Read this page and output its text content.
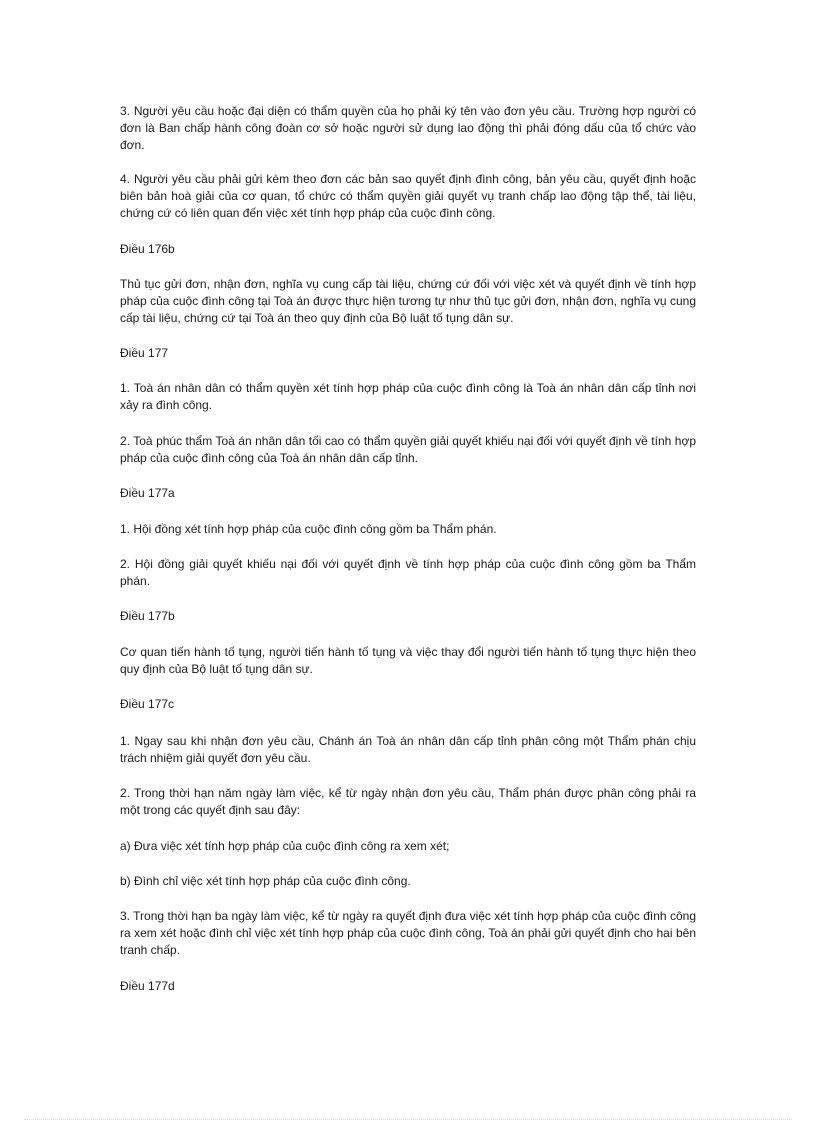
3. Người yêu cầu hoặc đại diện có thẩm quyền của họ phải ký tên vào đơn yêu cầu. Trường hợp người có đơn là Ban chấp hành công đoàn cơ sở hoặc người sử dụng lao động thì phải đóng dấu của tổ chức vào đơn.

4. Người yêu cầu phải gửi kèm theo đơn các bản sao quyết định đình công, bản yêu cầu, quyết định hoặc biên bản hoà giải của cơ quan, tổ chức có thẩm quyền giải quyết vụ tranh chấp lao động tập thể, tài liệu, chứng cứ có liên quan đến việc xét tính hợp pháp của cuộc đình công.

Điều 176b

Thủ tục gửi đơn, nhận đơn, nghĩa vụ cung cấp tài liệu, chứng cứ đối với việc xét và quyết định về tính hợp pháp của cuộc đình công tại Toà án được thực hiện tương tự như thủ tục gửi đơn, nhận đơn, nghĩa vụ cung cấp tài liệu, chứng cứ tại Toà án theo quy định của Bộ luật tố tụng dân sự.

Điều 177

1. Toà án nhân dân có thẩm quyền xét tính hợp pháp của cuộc đình công là Toà án nhân dân cấp tỉnh nơi xảy ra đình công.

2. Toà phúc thẩm Toà án nhân dân tối cao có thẩm quyền giải quyết khiếu nại đối với quyết định về tính hợp pháp của cuộc đình công của Toà án nhân dân cấp tỉnh.

Điều 177a

1. Hội đồng xét tính hợp pháp của cuộc đình công gồm ba Thẩm phán.

2. Hội đồng giải quyết khiếu nại đối với quyết định về tính hợp pháp của cuộc đình công gồm ba Thẩm phán.

Điều 177b

Cơ quan tiến hành tố tụng, người tiến hành tố tụng và việc thay đổi người tiến hành tố tụng thực hiện theo quy định của Bộ luật tố tụng dân sự.

Điều 177c

1. Ngay sau khi nhận đơn yêu cầu, Chánh án Toà án nhân dân cấp tỉnh phân công một Thẩm phán chịu trách nhiệm giải quyết đơn yêu cầu.

2. Trong thời hạn năm ngày làm việc, kể từ ngày nhận đơn yêu cầu, Thẩm phán được phân công phải ra một trong các quyết định sau đây:

a) Đưa việc xét tính hợp pháp của cuộc đình công ra xem xét;

b) Đình chỉ việc xét tính hợp pháp của cuộc đình công.

3. Trong thời hạn ba ngày làm việc, kể từ ngày ra quyết định đưa việc xét tính hợp pháp của cuộc đình công ra xem xét hoặc đình chỉ việc xét tính hợp pháp của cuộc đình công, Toà án phải gửi quyết định cho hai bên tranh chấp.

Điều 177d
